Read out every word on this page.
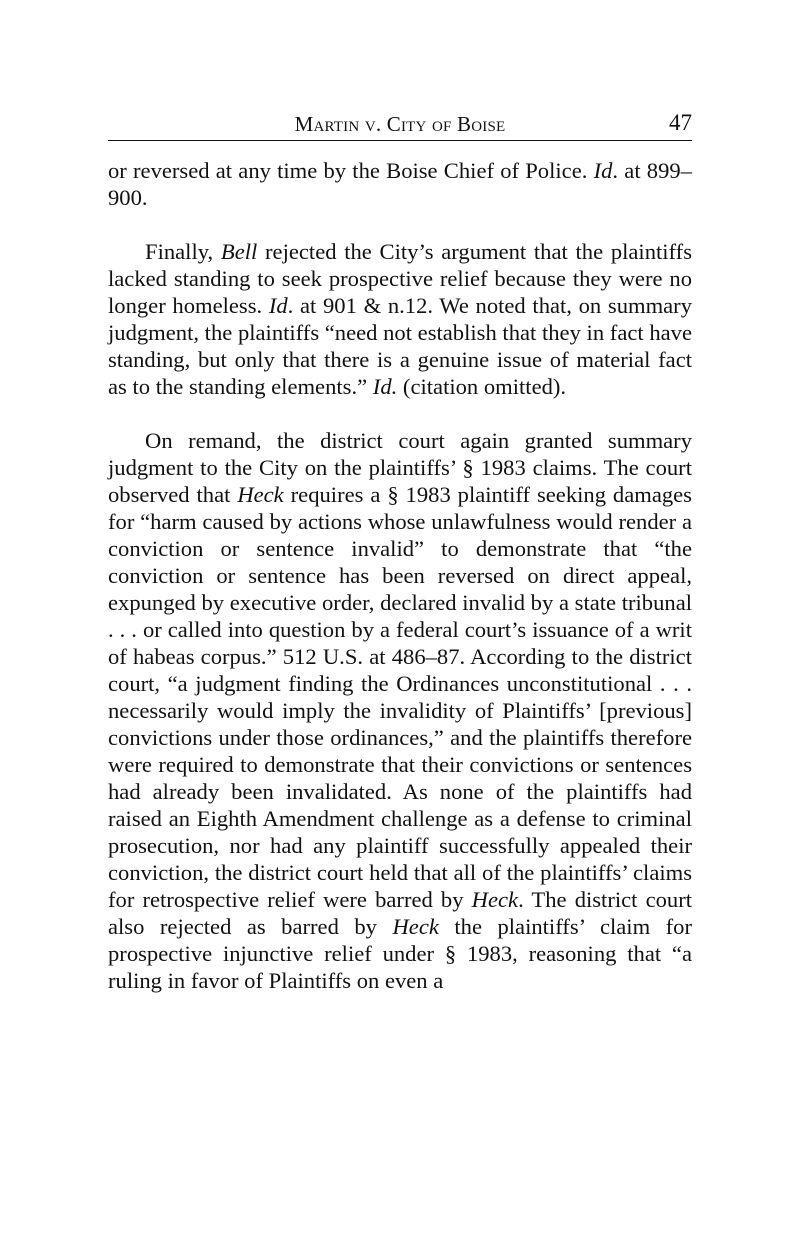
Martin v. City of Boise	47

or reversed at any time by the Boise Chief of Police. Id. at 899–900.

Finally, Bell rejected the City’s argument that the plaintiffs lacked standing to seek prospective relief because they were no longer homeless. Id. at 901 & n.12. We noted that, on summary judgment, the plaintiffs “need not establish that they in fact have standing, but only that there is a genuine issue of material fact as to the standing elements.” Id. (citation omitted).

On remand, the district court again granted summary judgment to the City on the plaintiffs’ § 1983 claims. The court observed that Heck requires a § 1983 plaintiff seeking damages for “harm caused by actions whose unlawfulness would render a conviction or sentence invalid” to demonstrate that “the conviction or sentence has been reversed on direct appeal, expunged by executive order, declared invalid by a state tribunal . . . or called into question by a federal court’s issuance of a writ of habeas corpus.” 512 U.S. at 486–87. According to the district court, “a judgment finding the Ordinances unconstitutional . . . necessarily would imply the invalidity of Plaintiffs’ [previous] convictions under those ordinances,” and the plaintiffs therefore were required to demonstrate that their convictions or sentences had already been invalidated. As none of the plaintiffs had raised an Eighth Amendment challenge as a defense to criminal prosecution, nor had any plaintiff successfully appealed their conviction, the district court held that all of the plaintiffs’ claims for retrospective relief were barred by Heck. The district court also rejected as barred by Heck the plaintiffs’ claim for prospective injunctive relief under § 1983, reasoning that “a ruling in favor of Plaintiffs on even a
